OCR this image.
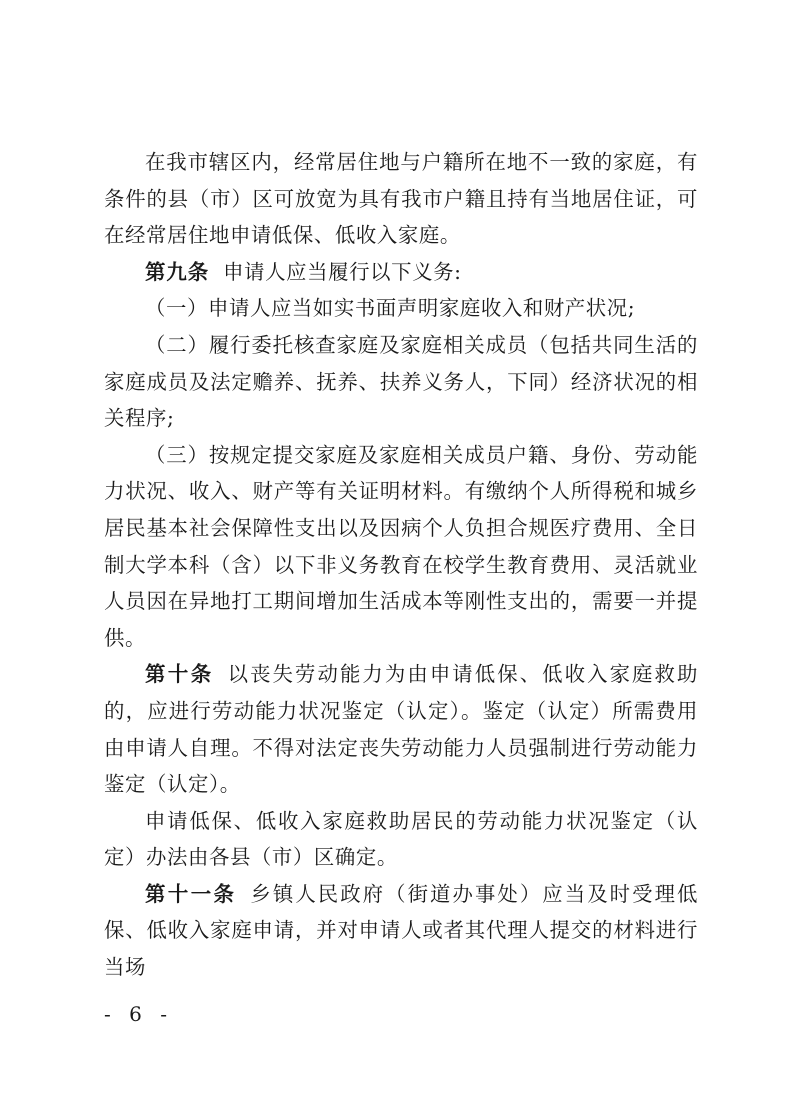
在我市辖区内，经常居住地与户籍所在地不一致的家庭，有条件的县（市）区可放宽为具有我市户籍且持有当地居住证，可在经常居住地申请低保、低收入家庭。

第九条 申请人应当履行以下义务:

（一）申请人应当如实书面声明家庭收入和财产状况;

（二）履行委托核查家庭及家庭相关成员（包括共同生活的家庭成员及法定赡养、抚养、扶养义务人，下同）经济状况的相关程序;

（三）按规定提交家庭及家庭相关成员户籍、身份、劳动能力状况、收入、财产等有关证明材料。有缴纳个人所得税和城乡居民基本社会保障性支出以及因病个人负担合规医疗费用、全日制大学本科（含）以下非义务教育在校学生教育费用、灵活就业人员因在异地打工期间增加生活成本等刚性支出的，需要一并提供。

第十条 以丧失劳动能力为由申请低保、低收入家庭救助的，应进行劳动能力状况鉴定（认定）。鉴定（认定）所需费用由申请人自理。不得对法定丧失劳动能力人员强制进行劳动能力鉴定（认定）。

申请低保、低收入家庭救助居民的劳动能力状况鉴定（认定）办法由各县（市）区确定。

第十一条 乡镇人民政府（街道办事处）应当及时受理低保、低收入家庭申请，并对申请人或者其代理人提交的材料进行当场

- 6 -
